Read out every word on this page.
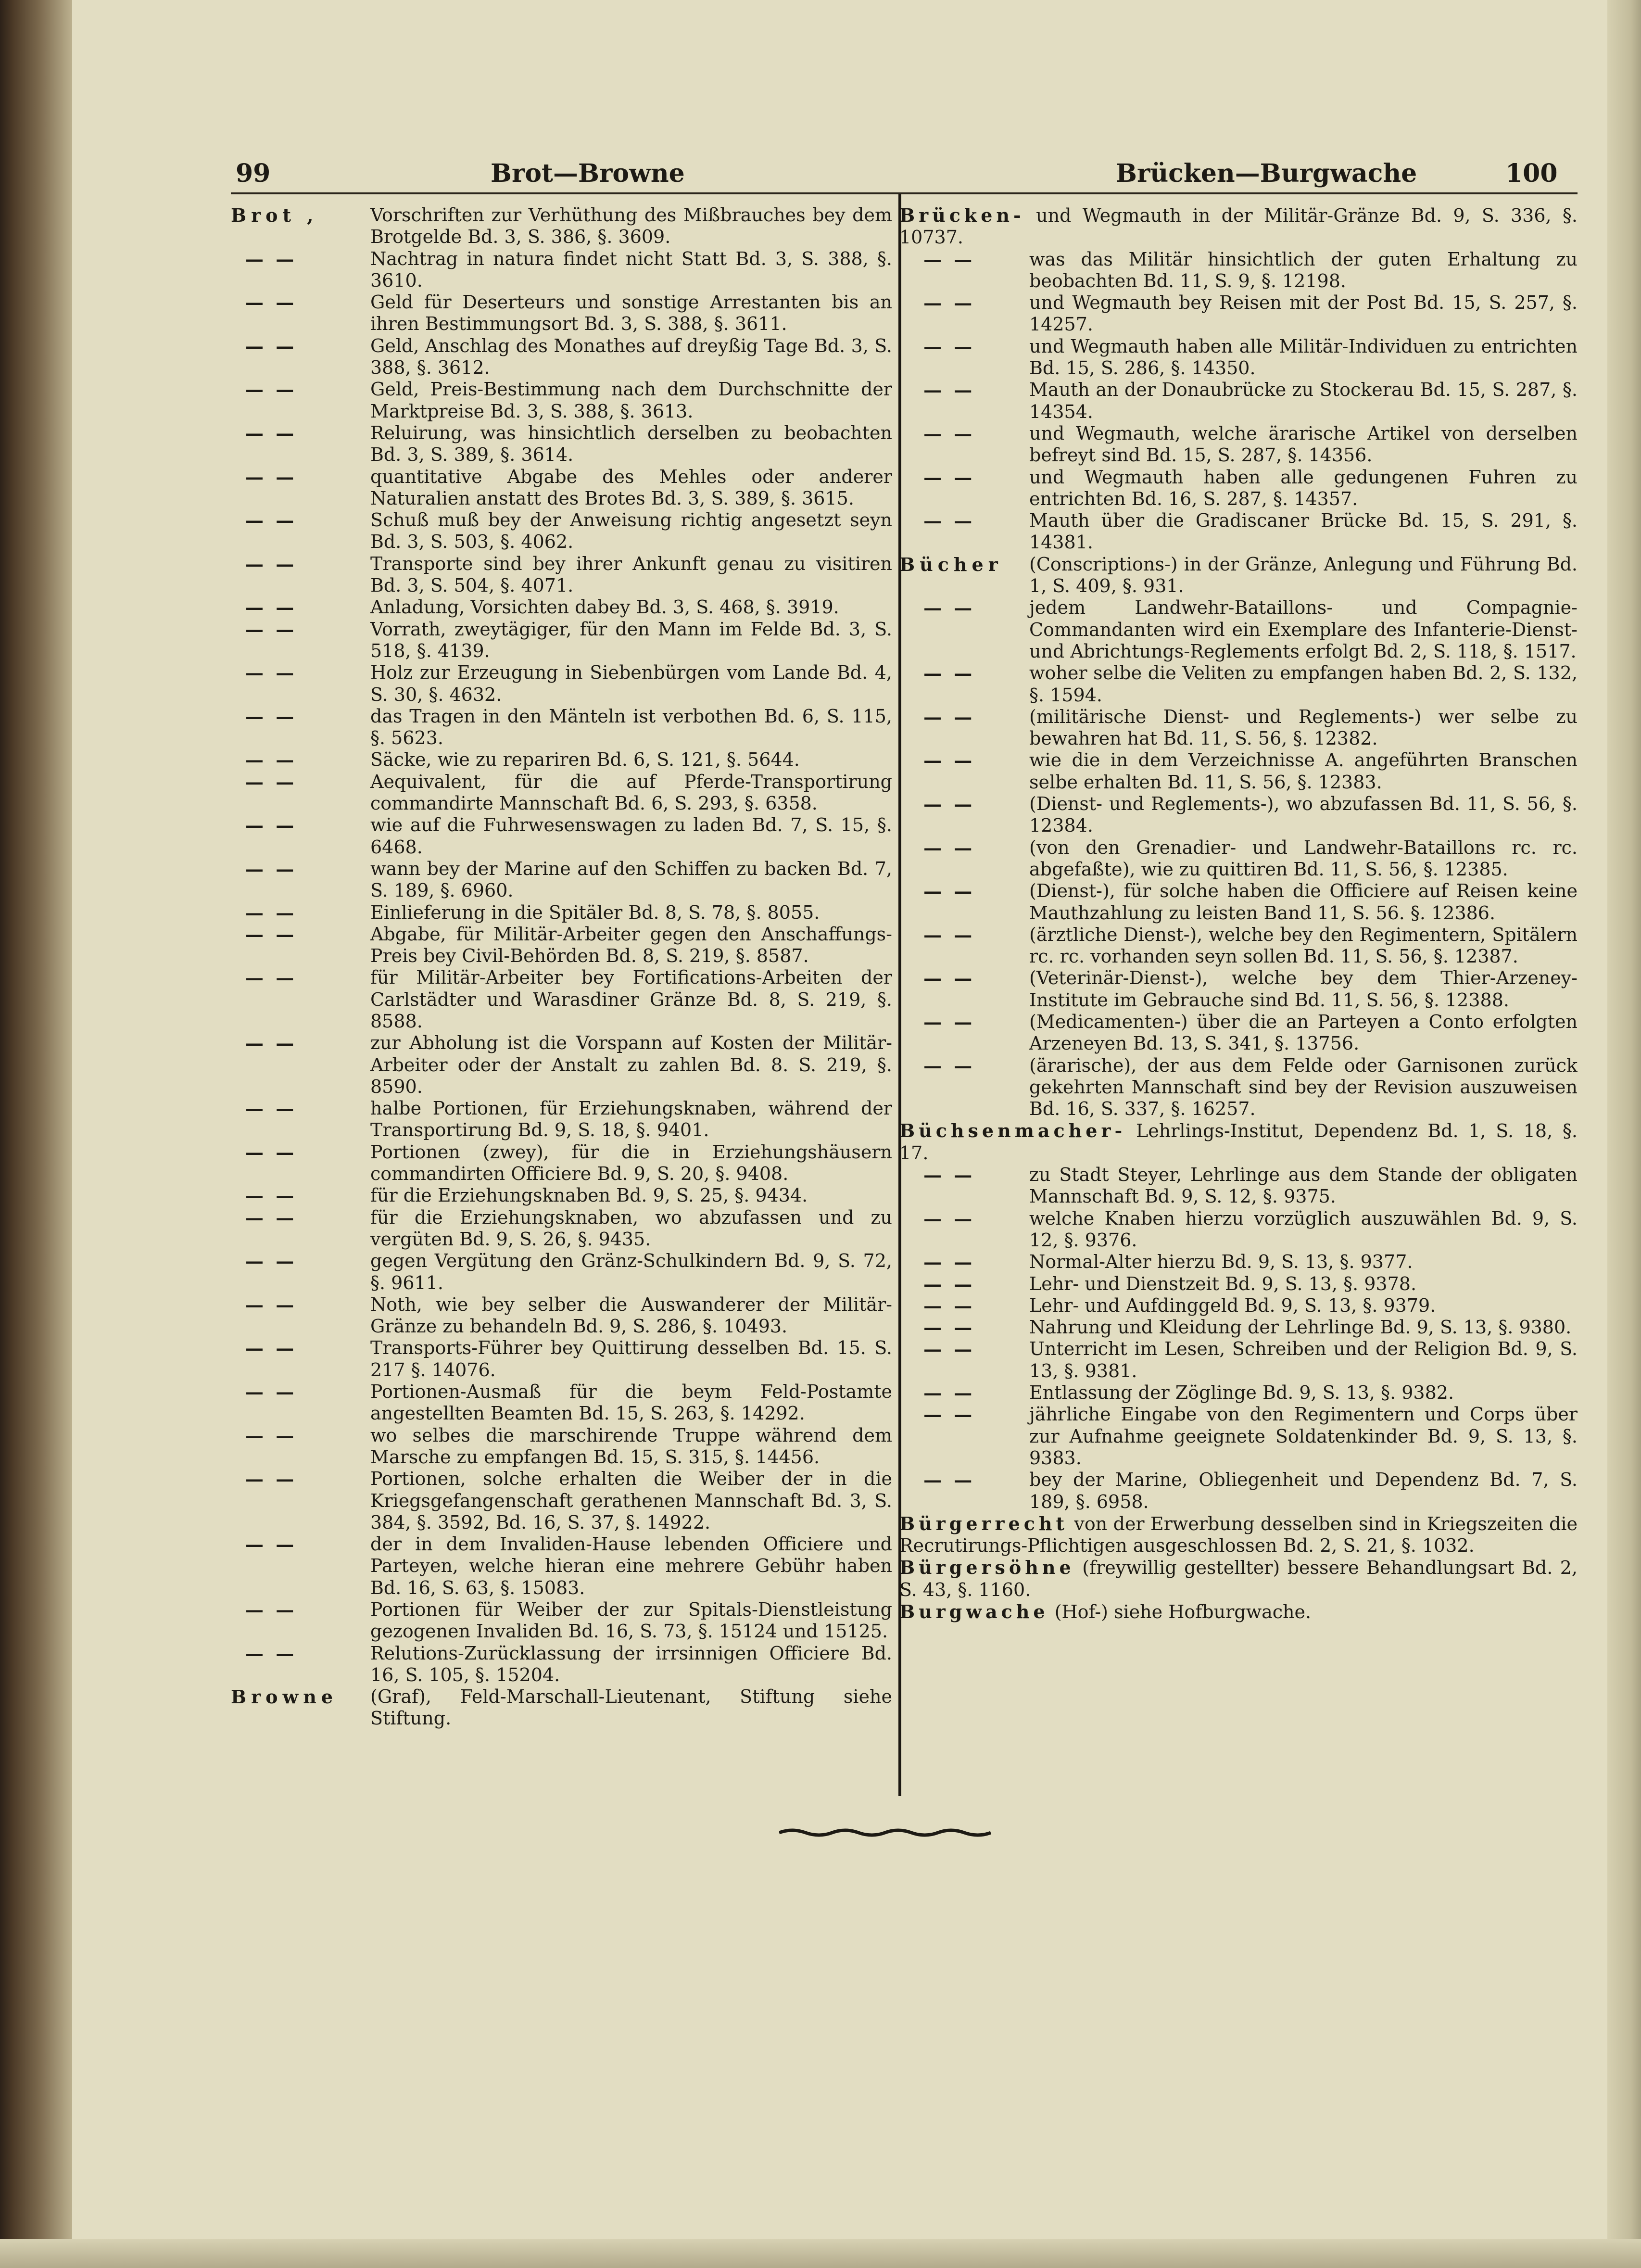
99	Brot—Browne	Brücken—Burgwache	100
Brot ,	Vorschriften zur Verhüthung des Mißbrauches bey dem Brotgelde Bd. 3, S. 386, §. 3609.
— —	Nachtrag in natura findet nicht Statt Bd. 3, S. 388, §. 3610.
— —	Geld für Deserteurs und sonstige Arrestanten bis an ihren Bestimmungsort Bd. 3, S. 388, §. 3611.
— —	Geld, Anschlag des Monathes auf dreyßig Tage Bd. 3, S. 388, §. 3612.
— —	Geld, Preis-Bestimmung nach dem Durchschnitte der Marktpreise Bd. 3, S. 388, §. 3613.
— —	Reluirung, was hinsichtlich derselben zu beobachten Bd. 3, S. 389, §. 3614.
— —	quantitative Abgabe des Mehles oder anderer Naturalien anstatt des Brotes Bd. 3, S. 389, §. 3615.
— —	Schuß muß bey der Anweisung richtig angesetzt seyn Bd. 3, S. 503, §. 4062.
— —	Transporte sind bey ihrer Ankunft genau zu visitiren Bd. 3, S. 504, §. 4071.
— —	Anladung, Vorsichten dabey Bd. 3, S. 468, §. 3919.
— —	Vorrath, zweytägiger, für den Mann im Felde Bd. 3, S. 518, §. 4139.
— —	Holz zur Erzeugung in Siebenbürgen vom Lande Bd. 4, S. 30, §. 4632.
— —	das Tragen in den Mänteln ist verbothen Bd. 6, S. 115, §. 5623.
— —	Säcke, wie zu repariren Bd. 6, S. 121, §. 5644.
— —	Aequivalent, für die auf Pferde-Transportirung commandirte Mannschaft Bd. 6, S. 293, §. 6358.
— —	wie auf die Fuhrwesenswagen zu laden Bd. 7, S. 15, §. 6468.
— —	wann bey der Marine auf den Schiffen zu backen Bd. 7, S. 189, §. 6960.
— —	Einlieferung in die Spitäler Bd. 8, S. 78, §. 8055.
— —	Abgabe, für Militär-Arbeiter gegen den Anschaffungs-Preis bey Civil-Behörden Bd. 8, S. 219, §. 8587.
— —	für Militär-Arbeiter bey Fortifications-Arbeiten der Carlstädter und Warasdiner Gränze Bd. 8, S. 219, §. 8588.
— —	zur Abholung ist die Vorspann auf Kosten der Militär-Arbeiter oder der Anstalt zu zahlen Bd. 8. S. 219, §. 8590.
— —	halbe Portionen, für Erziehungsknaben, während der Transportirung Bd. 9, S. 18, §. 9401.
— —	Portionen (zwey), für die in Erziehungshäusern commandirten Officiere Bd. 9, S. 20, §. 9408.
— —	für die Erziehungsknaben Bd. 9, S. 25, §. 9434.
— —	für die Erziehungsknaben, wo abzufassen und zu vergüten Bd. 9, S. 26, §. 9435.
— —	gegen Vergütung den Gränz-Schulkindern Bd. 9, S. 72, §. 9611.
— —	Noth, wie bey selber die Auswanderer der Militär-Gränze zu behandeln Bd. 9, S. 286, §. 10493.
— —	Transports-Führer bey Quittirung desselben Bd. 15. S. 217 §. 14076.
— —	Portionen-Ausmaß für die beym Feld-Postamte angestellten Beamten Bd. 15, S. 263, §. 14292.
— —	wo selbes die marschirende Truppe während dem Marsche zu empfangen Bd. 15, S. 315, §. 14456.
— —	Portionen, solche erhalten die Weiber der in die Kriegsgefangenschaft gerathenen Mannschaft Bd. 3, S. 384, §. 3592, Bd. 16, S. 37, §. 14922.
— —	der in dem Invaliden-Hause lebenden Officiere und Parteyen, welche hieran eine mehrere Gebühr haben Bd. 16, S. 63, §. 15083.
— —	Portionen für Weiber der zur Spitals-Dienstleistung gezogenen Invaliden Bd. 16, S. 73, §. 15124 und 15125.
— —	Relutions-Zurücklassung der irrsinnigen Officiere Bd. 16, S. 105, §. 15204.
Browne	(Graf), Feld-Marschall-Lieutenant, Stiftung siehe Stiftung.
Brücken- und Wegmauth in der Militär-Gränze Bd. 9, S. 336, §. 10737.
— —	was das Militär hinsichtlich der guten Erhaltung zu beobachten Bd. 11, S. 9, §. 12198.
— —	und Wegmauth bey Reisen mit der Post Bd. 15, S. 257, §. 14257.
— —	und Wegmauth haben alle Militär-Individuen zu entrichten Bd. 15, S. 286, §. 14350.
— —	Mauth an der Donaubrücke zu Stockerau Bd. 15, S. 287, §. 14354.
— —	und Wegmauth, welche ärarische Artikel von derselben befreyt sind Bd. 15, S. 287, §. 14356.
— —	und Wegmauth haben alle gedungenen Fuhren zu entrichten Bd. 16, S. 287, §. 14357.
— —	Mauth über die Gradiscaner Brücke Bd. 15, S. 291, §. 14381.
Bücher	(Conscriptions-) in der Gränze, Anlegung und Führung Bd. 1, S. 409, §. 931.
— —	jedem Landwehr-Bataillons- und Compagnie-Commandanten wird ein Exemplare des Infanterie-Dienst- und Abrichtungs-Reglements erfolgt Bd. 2, S. 118, §. 1517.
— —	woher selbe die Veliten zu empfangen haben Bd. 2, S. 132, §. 1594.
— —	(militärische Dienst- und Reglements-) wer selbe zu bewahren hat Bd. 11, S. 56, §. 12382.
— —	wie die in dem Verzeichnisse A. angeführten Branschen selbe erhalten Bd. 11, S. 56, §. 12383.
— —	(Dienst- und Reglements-), wo abzufassen Bd. 11, S. 56, §. 12384.
— —	(von den Grenadier- und Landwehr-Bataillons rc. rc. abgefaßte), wie zu quittiren Bd. 11, S. 56, §. 12385.
— —	(Dienst-), für solche haben die Officiere auf Reisen keine Mauthzahlung zu leisten Band 11, S. 56. §. 12386.
— —	(ärztliche Dienst-), welche bey den Regimentern, Spitälern rc. rc. vorhanden seyn sollen Bd. 11, S. 56, §. 12387.
— —	(Veterinär-Dienst-), welche bey dem Thier-Arzeney-Institute im Gebrauche sind Bd. 11, S. 56, §. 12388.
— —	(Medicamenten-) über die an Parteyen a Conto erfolgten Arzeneyen Bd. 13, S. 341, §. 13756.
— —	(ärarische), der aus dem Felde oder Garnisonen zurück gekehrten Mannschaft sind bey der Revision auszuweisen Bd. 16, S. 337, §. 16257.
Büchsenmacher- Lehrlings-Institut, Dependenz Bd. 1, S. 18, §. 17.
— —	zu Stadt Steyer, Lehrlinge aus dem Stande der obligaten Mannschaft Bd. 9, S. 12, §. 9375.
— —	welche Knaben hierzu vorzüglich auszuwählen Bd. 9, S. 12, §. 9376.
— —	Normal-Alter hierzu Bd. 9, S. 13, §. 9377.
— —	Lehr- und Dienstzeit Bd. 9, S. 13, §. 9378.
— —	Lehr- und Aufdinggeld Bd. 9, S. 13, §. 9379.
— —	Nahrung und Kleidung der Lehrlinge Bd. 9, S. 13, §. 9380.
— —	Unterricht im Lesen, Schreiben und der Religion Bd. 9, S. 13, §. 9381.
— —	Entlassung der Zöglinge Bd. 9, S. 13, §. 9382.
— —	jährliche Eingabe von den Regimentern und Corps über zur Aufnahme geeignete Soldatenkinder Bd. 9, S. 13, §. 9383.
— —	bey der Marine, Obliegenheit und Dependenz Bd. 7, S. 189, §. 6958.
Bürgerrecht von der Erwerbung desselben sind in Kriegszeiten die Recrutirungs-Pflichtigen ausgeschlossen Bd. 2, S. 21, §. 1032.
Bürgersöhne (freywillig gestellter) bessere Behandlungsart Bd. 2, S. 43, §. 1160.
Burgwache (Hof-) siehe Hofburgwache.
